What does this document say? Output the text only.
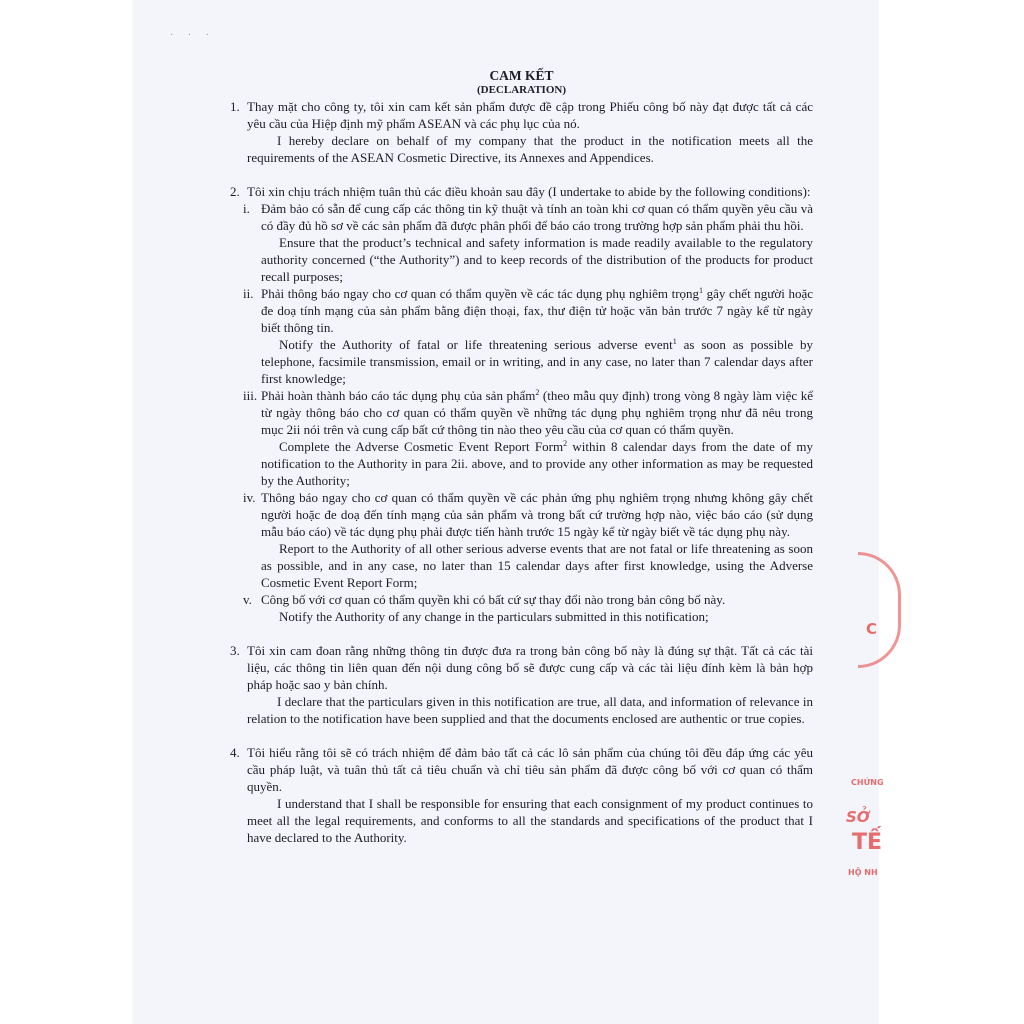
· · ·
CAM KẾT
(DECLARATION)
1. Thay mặt cho công ty, tôi xin cam kết sản phẩm được đề cập trong Phiếu công bố này đạt được tất cả các yêu cầu của Hiệp định mỹ phẩm ASEAN và các phụ lục của nó.

I hereby declare on behalf of my company that the product in the notification meets all the requirements of the ASEAN Cosmetic Directive, its Annexes and Appendices.

2. Tôi xin chịu trách nhiệm tuân thủ các điều khoản sau đây (I undertake to abide by the following conditions):

i. Đảm bảo có sẵn để cung cấp các thông tin kỹ thuật và tính an toàn khi cơ quan có thẩm quyền yêu cầu và có đầy đủ hồ sơ về các sản phẩm đã được phân phối để báo cáo trong trường hợp sản phẩm phải thu hồi.

Ensure that the product’s technical and safety information is made readily available to the regulatory authority concerned (“the Authority”) and to keep records of the distribution of the products for product recall purposes;

ii. Phải thông báo ngay cho cơ quan có thẩm quyền về các tác dụng phụ nghiêm trọng$^1$ gây chết người hoặc đe doạ tính mạng của sản phẩm bằng điện thoại, fax, thư điện tử hoặc văn bản trước 7 ngày kể từ ngày biết thông tin.

Notify the Authority of fatal or life threatening serious adverse event$^1$ as soon as possible by telephone, facsimile transmission, email or in writing, and in any case, no later than 7 calendar days after first knowledge;

iii. Phải hoàn thành báo cáo tác dụng phụ của sản phẩm$^2$ (theo mẫu quy định) trong vòng 8 ngày làm việc kể từ ngày thông báo cho cơ quan có thẩm quyền về những tác dụng phụ nghiêm trọng như đã nêu trong mục 2ii nói trên và cung cấp bất cứ thông tin nào theo yêu cầu của cơ quan có thẩm quyền.

Complete the Adverse Cosmetic Event Report Form$^2$ within 8 calendar days from the date of my notification to the Authority in para 2ii. above, and to provide any other information as may be requested by the Authority;

iv. Thông báo ngay cho cơ quan có thẩm quyền về các phản ứng phụ nghiêm trọng nhưng không gây chết người hoặc đe doạ đến tính mạng của sản phẩm và trong bất cứ trường hợp nào, việc báo cáo (sử dụng mẫu báo cáo) về tác dụng phụ phải được tiến hành trước 15 ngày kể từ ngày biết về tác dụng phụ này.

Report to the Authority of all other serious adverse events that are not fatal or life threatening as soon as possible, and in any case, no later than 15 calendar days after first knowledge, using the Adverse Cosmetic Event Report Form;

v. Công bố với cơ quan có thẩm quyền khi có bất cứ sự thay đổi nào trong bản công bố này.

Notify the Authority of any change in the particulars submitted in this notification;

3. Tôi xin cam đoan rằng những thông tin được đưa ra trong bản công bố này là đúng sự thật. Tất cả các tài liệu, các thông tin liên quan đến nội dung công bố sẽ được cung cấp và các tài liệu đính kèm là bản hợp pháp hoặc sao y bản chính.

I declare that the particulars given in this notification are true, all data, and information of relevance in relation to the notification have been supplied and that the documents enclosed are authentic or true copies.

4. Tôi hiểu rằng tôi sẽ có trách nhiệm để đảm bảo tất cả các lô sản phẩm của chúng tôi đều đáp ứng các yêu cầu pháp luật, và tuân thủ tất cả tiêu chuẩn và chỉ tiêu sản phẩm đã được công bố với cơ quan có thẩm quyền.

I understand that I shall be responsible for ensuring that each consignment of my product continues to meet all the legal requirements, and conforms to all the standards and specifications of the product that I have declared to the Authority.

C
CHỨNG
SỞ
TẾ
HỘ NH
